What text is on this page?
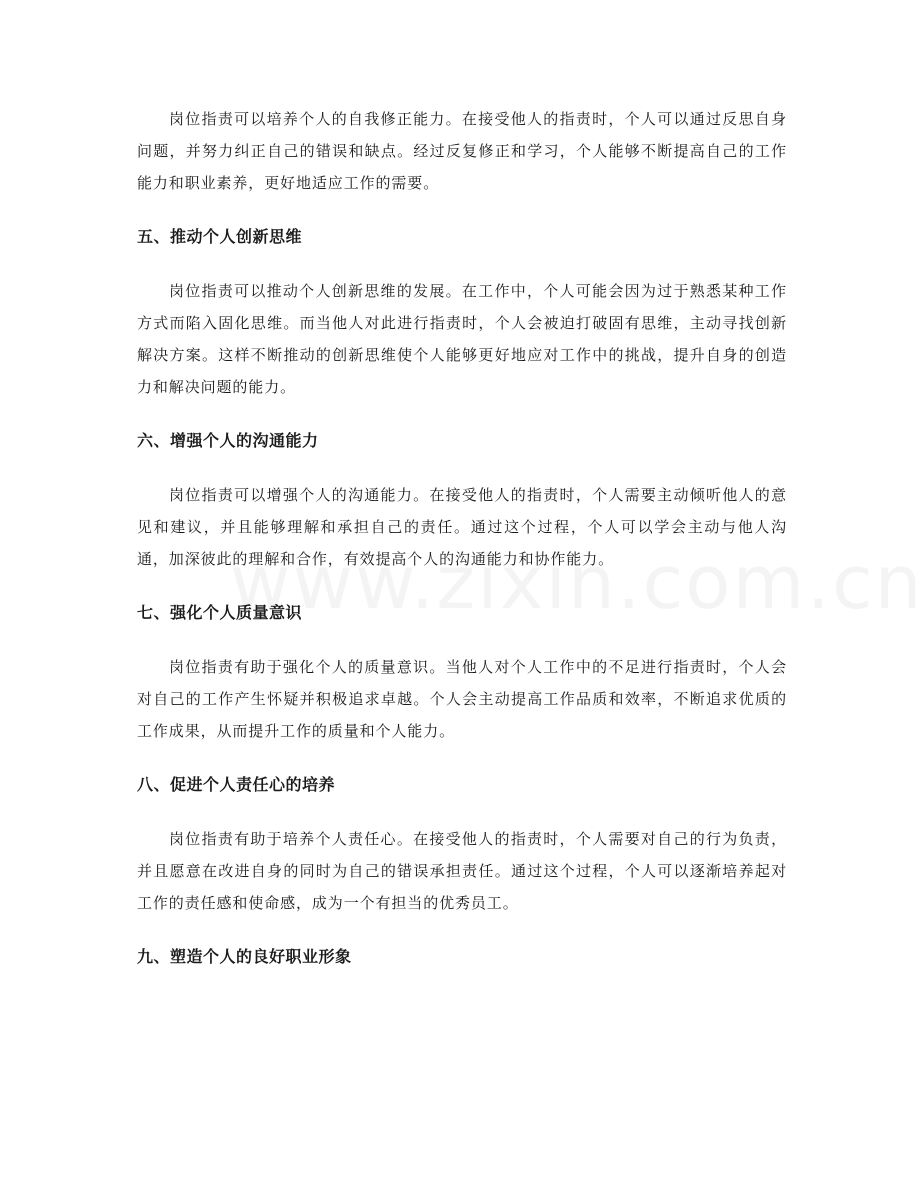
岗位指责可以培养个人的自我修正能力。在接受他人的指责时，个人可以通过反思自身问题，并努力纠正自己的错误和缺点。经过反复修正和学习，个人能够不断提高自己的工作能力和职业素养，更好地适应工作的需要。

五、推动个人创新思维

岗位指责可以推动个人创新思维的发展。在工作中，个人可能会因为过于熟悉某种工作方式而陷入固化思维。而当他人对此进行指责时，个人会被迫打破固有思维，主动寻找创新解决方案。这样不断推动的创新思维使个人能够更好地应对工作中的挑战，提升自身的创造力和解决问题的能力。

六、增强个人的沟通能力

岗位指责可以增强个人的沟通能力。在接受他人的指责时，个人需要主动倾听他人的意见和建议，并且能够理解和承担自己的责任。通过这个过程，个人可以学会主动与他人沟通，加深彼此的理解和合作，有效提高个人的沟通能力和协作能力。

七、强化个人质量意识

岗位指责有助于强化个人的质量意识。当他人对个人工作中的不足进行指责时，个人会对自己的工作产生怀疑并积极追求卓越。个人会主动提高工作品质和效率，不断追求优质的工作成果，从而提升工作的质量和个人能力。

八、促进个人责任心的培养

岗位指责有助于培养个人责任心。在接受他人的指责时，个人需要对自己的行为负责，并且愿意在改进自身的同时为自己的错误承担责任。通过这个过程，个人可以逐渐培养起对工作的责任感和使命感，成为一个有担当的优秀员工。

九、塑造个人的良好职业形象
